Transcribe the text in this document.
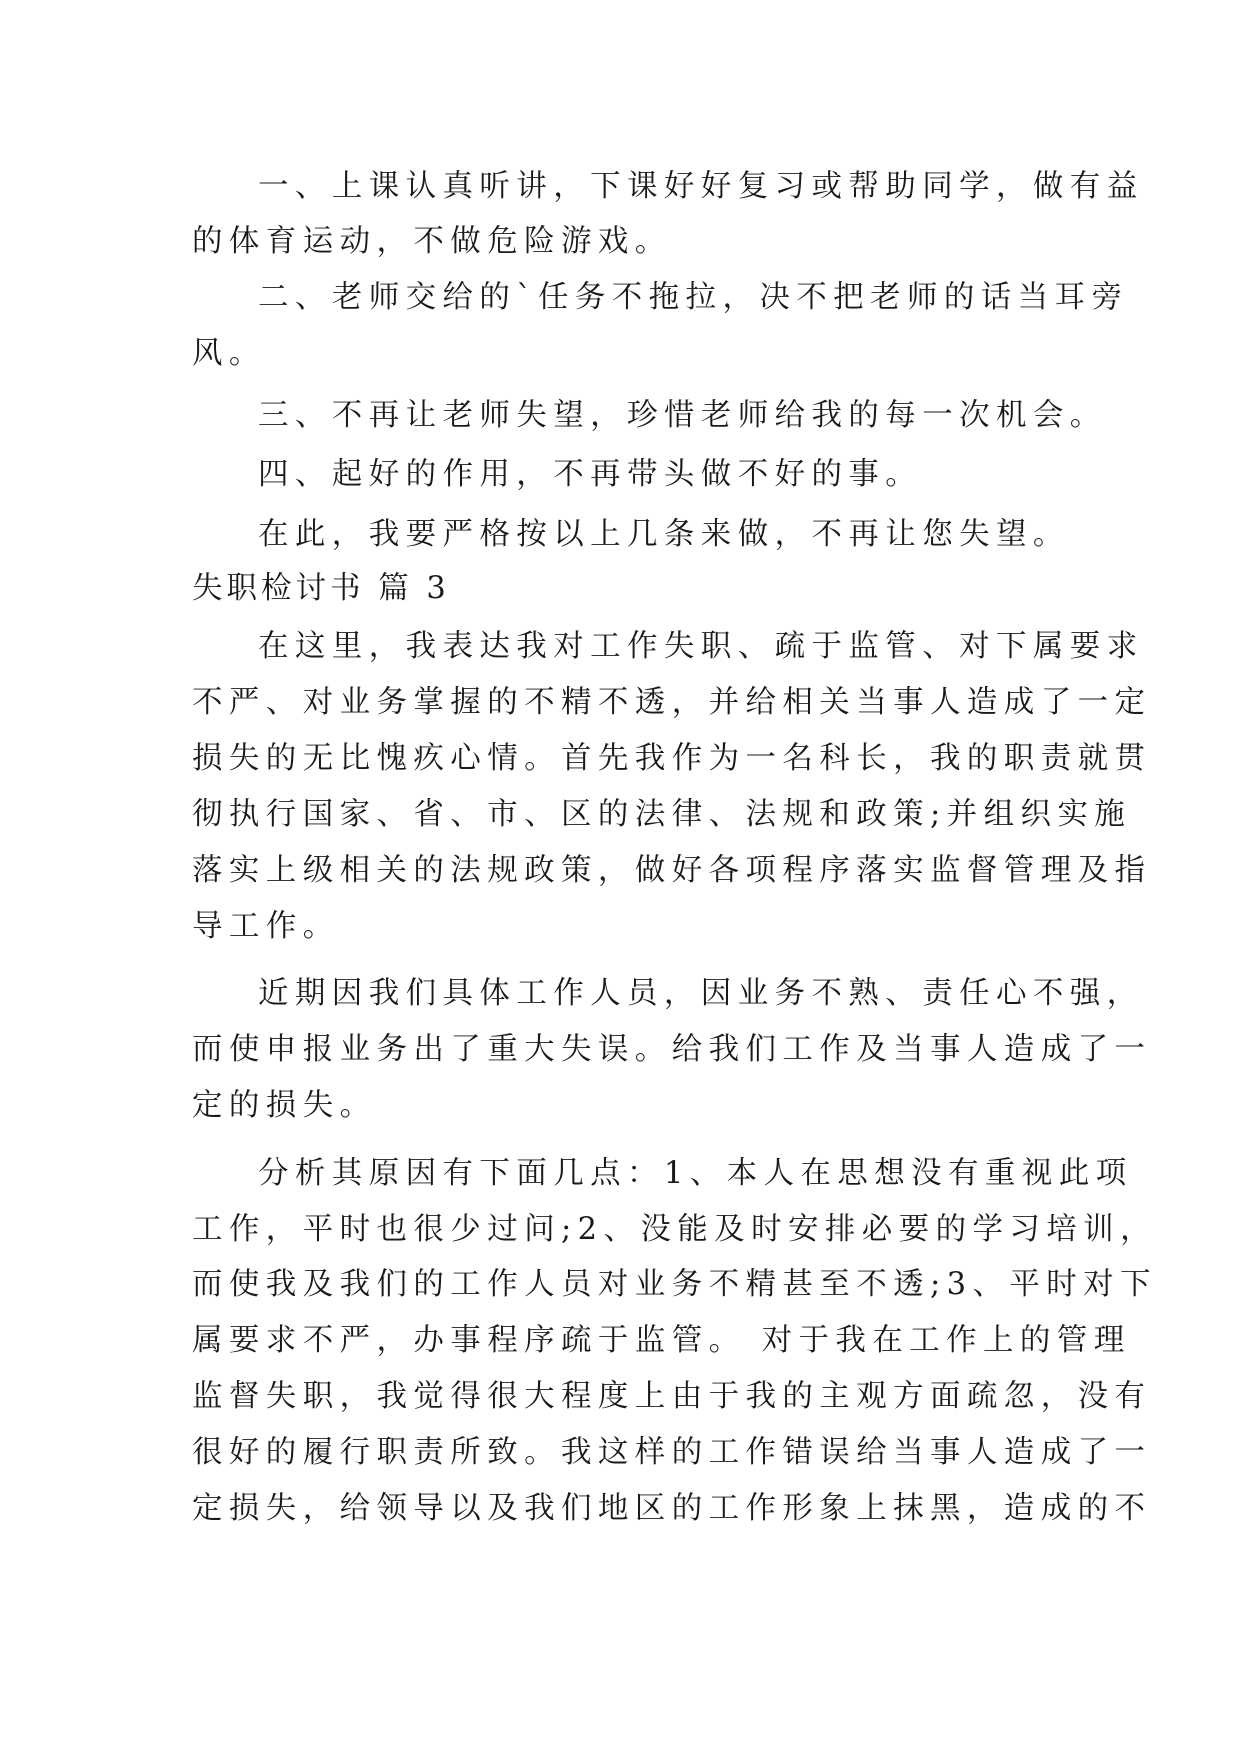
一、上课认真听讲，下课好好复习或帮助同学，做有益
的体育运动，不做危险游戏。
二、老师交给的`任务不拖拉，决不把老师的话当耳旁
风。
三、不再让老师失望，珍惜老师给我的每一次机会。
四、起好的作用，不再带头做不好的事。
在此，我要严格按以上几条来做，不再让您失望。
失职检讨书 篇 3
在这里，我表达我对工作失职、疏于监管、对下属要求
不严、对业务掌握的不精不透，并给相关当事人造成了一定
损失的无比愧疚心情。首先我作为一名科长，我的职责就贯
彻执行国家、省、市、区的法律、法规和政策;并组织实施
落实上级相关的法规政策，做好各项程序落实监督管理及指
导工作。
近期因我们具体工作人员，因业务不熟、责任心不强，
而使申报业务出了重大失误。给我们工作及当事人造成了一
定的损失。
分析其原因有下面几点：1、本人在思想没有重视此项
工作，平时也很少过问;2、没能及时安排必要的学习培训，
而使我及我们的工作人员对业务不精甚至不透;3、平时对下
属要求不严，办事程序疏于监管。 对于我在工作上的管理
监督失职，我觉得很大程度上由于我的主观方面疏忽，没有
很好的履行职责所致。我这样的工作错误给当事人造成了一
定损失，给领导以及我们地区的工作形象上抹黑，造成的不
